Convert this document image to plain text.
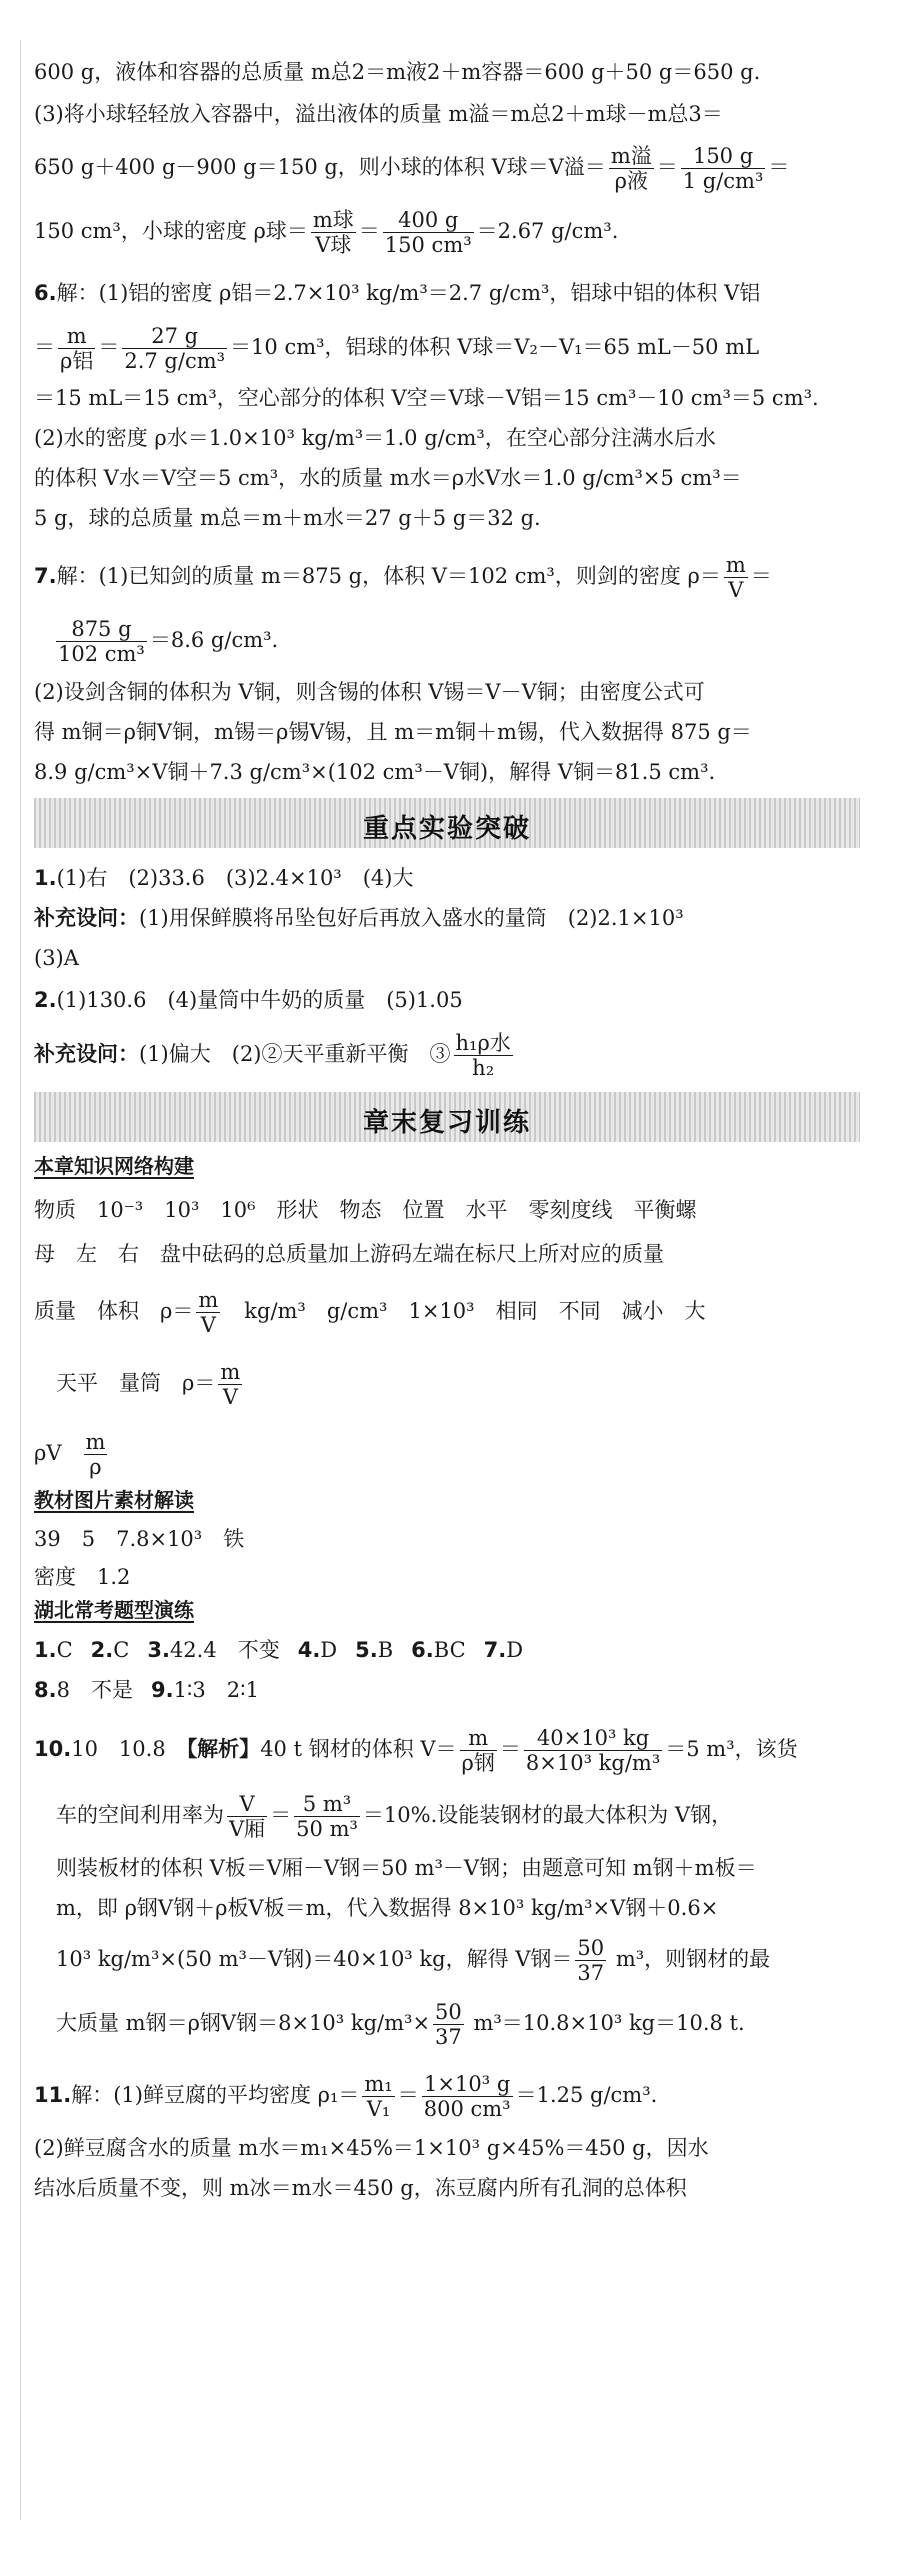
600 g，液体和容器的总质量 m总2＝m液2＋m容器＝600 g＋50 g＝650 g.
(3)将小球轻轻放入容器中，溢出液体的质量 m溢＝m总2＋m球－m总3＝
650 g＋400 g－900 g＝150 g，则小球的体积 V球＝V溢＝ $\frac{\text{m溢}}{\text{ρ液}} = \frac{150 g}{\text{1 g/cm³}}$ ＝
150 cm³，小球的密度 ρ球＝ $\frac{\text{m球}}{\text{V球}} = \frac{400 g}{\text{150 cm³}} =2.67$ g/cm³.
6.解：(1)铝的密度 ρ铝＝2.7×10³ kg/m³＝2.7 g/cm³，铝球中铝的体积 V铝
＝ $\frac{m}{\text{ρ铝}} = \frac{27 g}{\text{2.7 g/cm³}} =10$ cm³，铝球的体积 V球＝V₂－V₁＝65 mL－50 mL
＝15 mL＝15 cm³，空心部分的体积 V空＝V球－V铝＝15 cm³－10 cm³＝5 cm³.
(2)水的密度 ρ水＝1.0×10³ kg/m³＝1.0 g/cm³，在空心部分注满水后水
的体积 V水＝V空＝5 cm³，水的质量 m水＝ρ水V水＝1.0 g/cm³×5 cm³＝
5 g，球的总质量 m总＝m＋m水＝27 g＋5 g＝32 g.
7.解：(1)已知剑的质量 m＝875 g，体积 V＝102 cm³，则剑的密度 $\rho= \frac{m}{V}$ ＝
$\frac{875 g}{\text{102 cm³}} =8.6$ g/cm³.
(2)设剑含铜的体积为 V铜，则含锡的体积 V锡＝V－V铜；由密度公式可
得 m铜＝ρ铜V铜，m锡＝ρ锡V锡，且 m＝m铜＋m锡，代入数据得 875 g＝
8.9 g/cm³×V铜＋7.3 g/cm³×(102 cm³－V铜)，解得 V铜＝81.5 cm³.
重点实验突破
1.(1)右　(2)33.6　(3)2.4×10³　(4)大
补充设问：(1)用保鲜膜将吊坠包好后再放入盛水的量筒　(2)2.1×10³
(3)A
2.(1)130.6　(4)量筒中牛奶的质量　(5)1.05
补充设问：(1)偏大　(2)②天平重新平衡　③ $\frac{\text{h₁ρ水}}{\text{h₂}}$
章末复习训练
本章知识网络构建
物质　10⁻³　10³　10⁶　形状　物态　位置　水平　零刻度线　平衡螺
母　左　右　盘中砝码的总质量加上游码左端在标尺上所对应的质量
质量　体积　$\rho= \frac{m}{V}$ 　kg/m³　g/cm³　1×10³　相同　不同　减小　大
天平　量筒　$\rho= \frac{m}{V}$
ρV $\frac{m}{\rho}$
教材图片素材解读
39　5　7.8×10³　铁
密度　1.2
湖北常考题型演练
1.C 2.C 3.42.4　不变 4.D 5.B 6.BC 7.D
8.8　不是 9.1∶3　2∶1
10.10　10.8　【解析】40 t 钢材的体积 $V= \frac{m}{\text{ρ钢}} = \frac{\text{40×10³ kg}}{\text{8×10³ kg/m³}} =5$ m³，该货
车的空间利用率为 $\frac{V}{\text{V厢}} = \frac{\text{5 m³}}{\text{50 m³}} =10\%$.设能装钢材的最大体积为 V钢，
则装板材的体积 V板＝V厢－V钢＝50 m³－V钢；由题意可知 m钢＋m板＝
m，即 ρ钢V钢＋ρ板V板＝m，代入数据得 8×10³ kg/m³×V钢＋0.6×
10³ kg/m³×(50 m³－V钢)＝40×10³ kg，解得 V钢＝ $\frac{50}{37} m^3$，则钢材的最
大质量 m钢＝ρ钢V钢＝8×10³ $kg/m^3\times \frac{50}{37} m^3=10.8\times 10^3$ kg＝10.8 t.
11.解：(1)鲜豆腐的平均密度 $\rho_1= \frac{\text{m₁}}{\text{V₁}} = \frac{\text{1×10³ g}}{\text{800 cm³}} =1.25$ g/cm³.
(2)鲜豆腐含水的质量 m水＝m₁×45%＝1×10³ g×45%＝450 g，因水
结冰后质量不变，则 m冰＝m水＝450 g，冻豆腐内所有孔洞的总体积
